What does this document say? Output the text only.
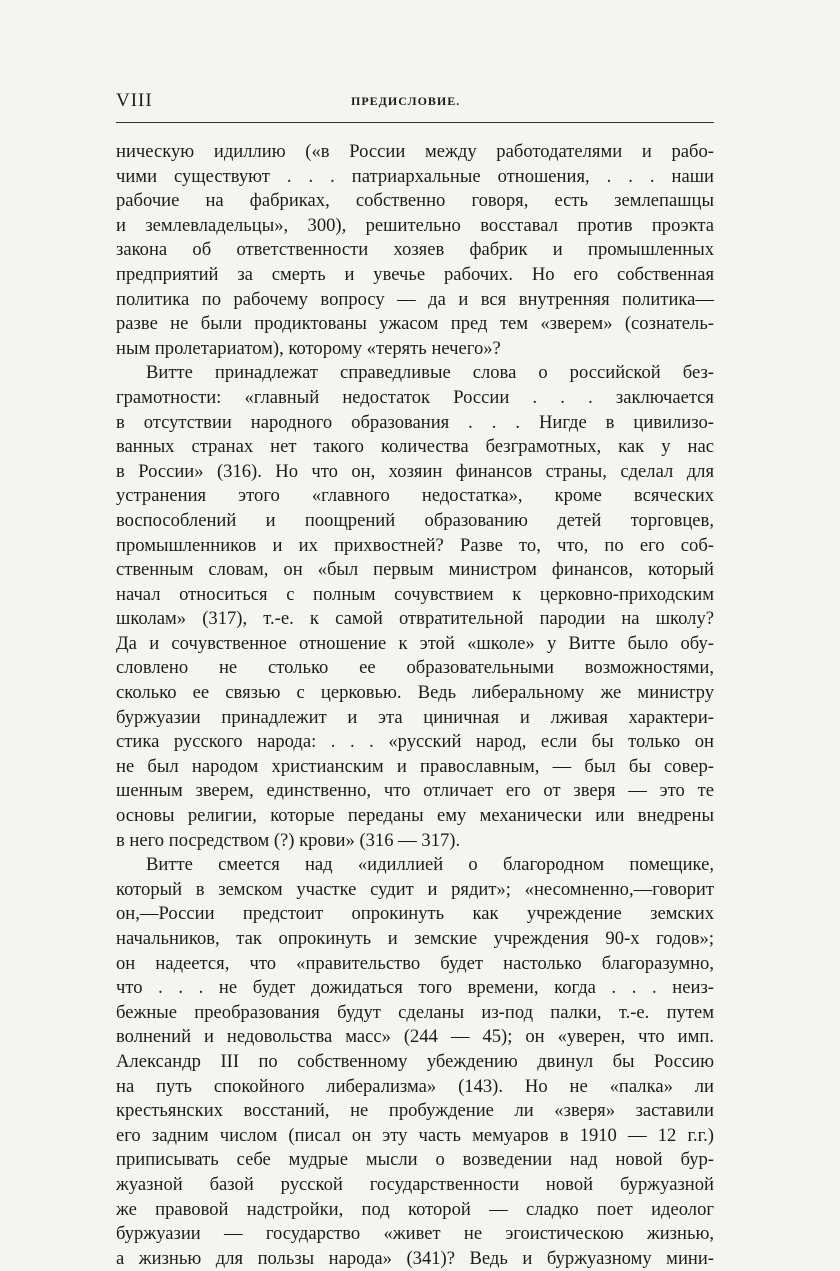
VIII	ПРЕДИСЛОВИЕ.
ническую идиллию («в России между работодателями и рабо-
чими существуют . . . патриархальные отношения, . . . наши
рабочие на фабриках, собственно говоря, есть землепашцы
и землевладельцы», 300), решительно восставал против проэкта
закона об ответственности хозяев фабрик и промышленных
предприятий за смерть и увечье рабочих. Но его собственная
политика по рабочему вопросу — да и вся внутренняя политика—
разве не были продиктованы ужасом пред тем «зверем» (сознатель-
ным пролетариатом), которому «терять нечего»?
Витте принадлежат справедливые слова о российской без-
грамотности: «главный недостаток России . . . заключается
в отсутствии народного образования . . . Нигде в цивилизо-
ванных странах нет такого количества безграмотных, как у нас
в России» (316). Но что он, хозяин финансов страны, сделал для
устранения этого «главного недостатка», кроме всяческих
воспособлений и поощрений образованию детей торговцев,
промышленников и их прихвостней? Разве то, что, по его соб-
ственным словам, он «был первым министром финансов, который
начал относиться с полным сочувствием к церковно-приходским
школам» (317), т.-е. к самой отвратительной пародии на школу?
Да и сочувственное отношение к этой «школе» у Витте было обу-
словлено не столько ее образовательными возможностями,
сколько ее связью с церковью. Ведь либеральному же министру
буржуазии принадлежит и эта циничная и лживая характери-
стика русского народа: . . . «русский народ, если бы только он
не был народом христианским и православным, — был бы совер-
шенным зверем, единственно, что отличает его от зверя — это те
основы религии, которые переданы ему механически или внедрены
в него посредством (?) крови» (316 — 317).
Витте смеется над «идиллией о благородном помещике,
который в земском участке судит и рядит»; «несомненно,—говорит
он,—России предстоит опрокинуть как учреждение земских
начальников, так опрокинуть и земские учреждения 90-х годов»;
он надеется, что «правительство будет настолько благоразумно,
что . . . не будет дожидаться того времени, когда . . . неиз-
бежные преобразования будут сделаны из-под палки, т.-е. путем
волнений и недовольства масс» (244 — 45); он «уверен, что имп.
Александр III по собственному убеждению двинул бы Россию
на путь спокойного либерализма» (143). Но не «палка» ли
крестьянских восстаний, не пробуждение ли «зверя» заставили
его задним числом (писал он эту часть мемуаров в 1910 — 12 г.г.)
приписывать себе мудрые мысли о возведении над новой бур-
жуазной базой русской государственности новой буржуазной
же правовой надстройки, под которой — сладко поет идеолог
буржуазии — государство «живет не эгоистическою жизнью,
а жизнью для пользы народа» (341)? Ведь и буржуазному мини-
